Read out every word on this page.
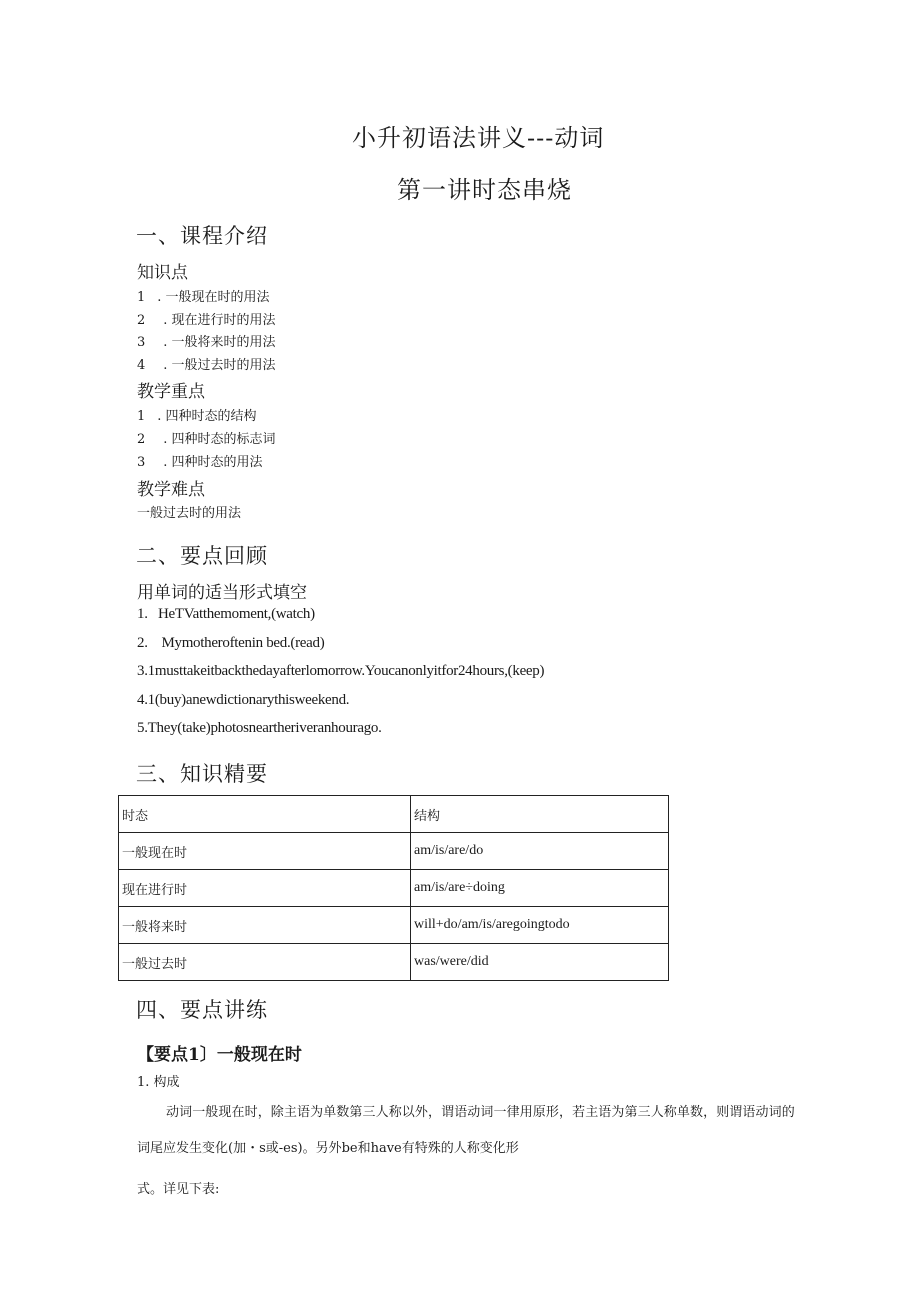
小升初语法讲义---动词
第一讲时态串烧
一、课程介绍
知识点
1 . 一般现在时的用法
2 . 现在进行时的用法
3 . 一般将来时的用法
4 . 一般过去时的用法
教学重点
1 . 四种时态的结构
2 . 四种时态的标志词
3 . 四种时态的用法
教学难点
一般过去时的用法
二、要点回顾
用单词的适当形式填空
1.   HeTVatthemoment,(watch)
2.    Mymotheroftenin bed.(read)
3.1musttakeitbackthedayafterlomorrow.Youcanonlyitfor24hours,(keep)
4.1(buy)anewdictionarythisweekend.
5.They(take)photosneartheriveranhourago.
三、知识精要
时态	结构
一般现在时	am/is/are/do
现在进行时	am/is/are÷doing
一般将来时	will+do/am/is/aregoingtodo
一般过去时	was/were/did
四、要点讲练
【要点1〕一般现在时
1. 构成
动词一般现在时，除主语为单数第三人称以外，谓语动词一律用原形，若主语为第三人称单数，则谓语动词的
词尾应发生变化(加・s或-es)。另外be和have有特殊的人称变化形
式。详见下表:
